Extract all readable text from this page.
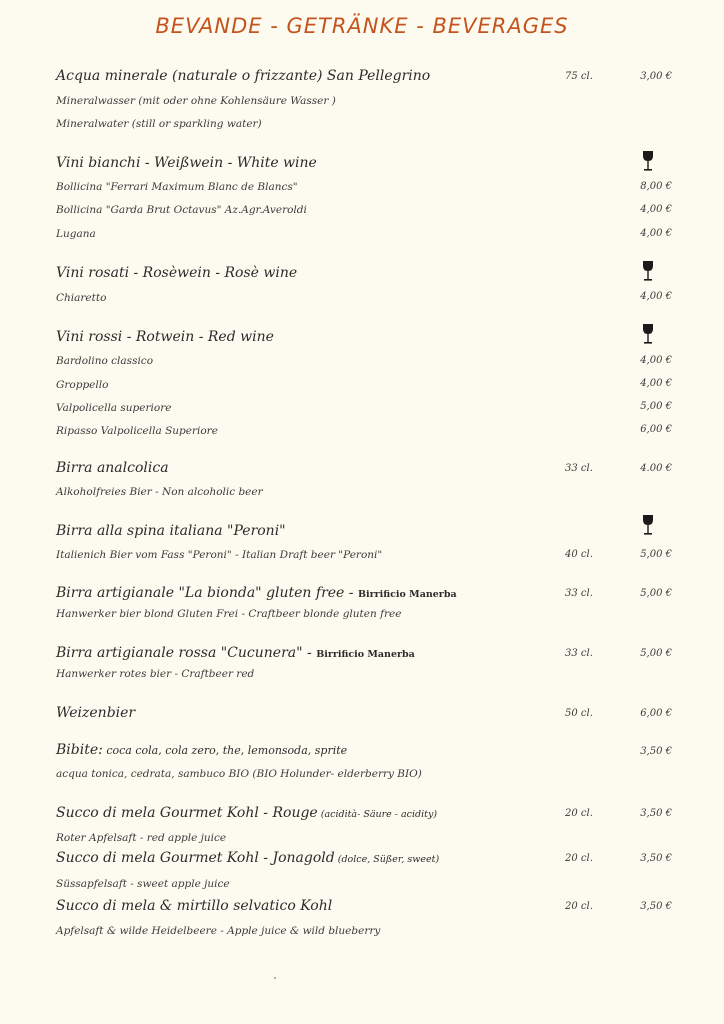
BEVANDE - GETRÄNKE - BEVERAGES
Acqua minerale (naturale o frizzante) San Pellegrino	75 cl.	3,00 €
Mineralwasser (mit oder ohne Kohlensäure Wasser )
Mineralwater (still or sparkling water)
Vini bianchi - Weißwein - White wine
Bollicina "Ferrari Maximum Blanc de Blancs"	8,00 €
Bollicina "Garda Brut Octavus" Az.Agr.Averoldi	4,00 €
Lugana	4,00 €
Vini rosati - Rosèwein - Rosè wine
Chiaretto	4,00 €
Vini rossi - Rotwein - Red wine
Bardolino classico	4,00 €
Groppello	4,00 €
Valpolicella superiore	5,00 €
Ripasso Valpolicella Superiore	6,00 €
Birra analcolica	33 cl.	4.00 €
Alkoholfreies Bier - Non alcoholic beer
Birra alla spina italiana "Peroni"
Italienich Bier vom Fass "Peroni" - Italian Draft beer "Peroni"	40 cl.	5,00 €
Birra artigianale "La bionda" gluten free - Birrificio Manerba	33 cl.	5,00 €
Hanwerker bier blond Gluten Frei - Craftbeer blonde gluten free
Birra artigianale rossa "Cucunera" - Birrificio Manerba	33 cl.	5,00 €
Hanwerker rotes bier - Craftbeer red
Weizenbier	50 cl.	6,00 €
Bibite: coca cola, cola zero, the, lemonsoda, sprite	3,50 €
acqua tonica, cedrata, sambuco BIO (BIO Holunder- elderberry BIO)
Succo di mela Gourmet Kohl - Rouge (acidità- Säure - acidity)	20 cl.	3,50 €
Roter Apfelsaft - red apple juice
Succo di mela Gourmet Kohl - Jonagold (dolce, Süßer, sweet)	20 cl.	3,50 €
Süssapfelsaft - sweet apple juice
Succo di mela & mirtillo selvatico Kohl	20 cl.	3,50 €
Apfelsaft & wilde Heidelbeere - Apple juice & wild blueberry
